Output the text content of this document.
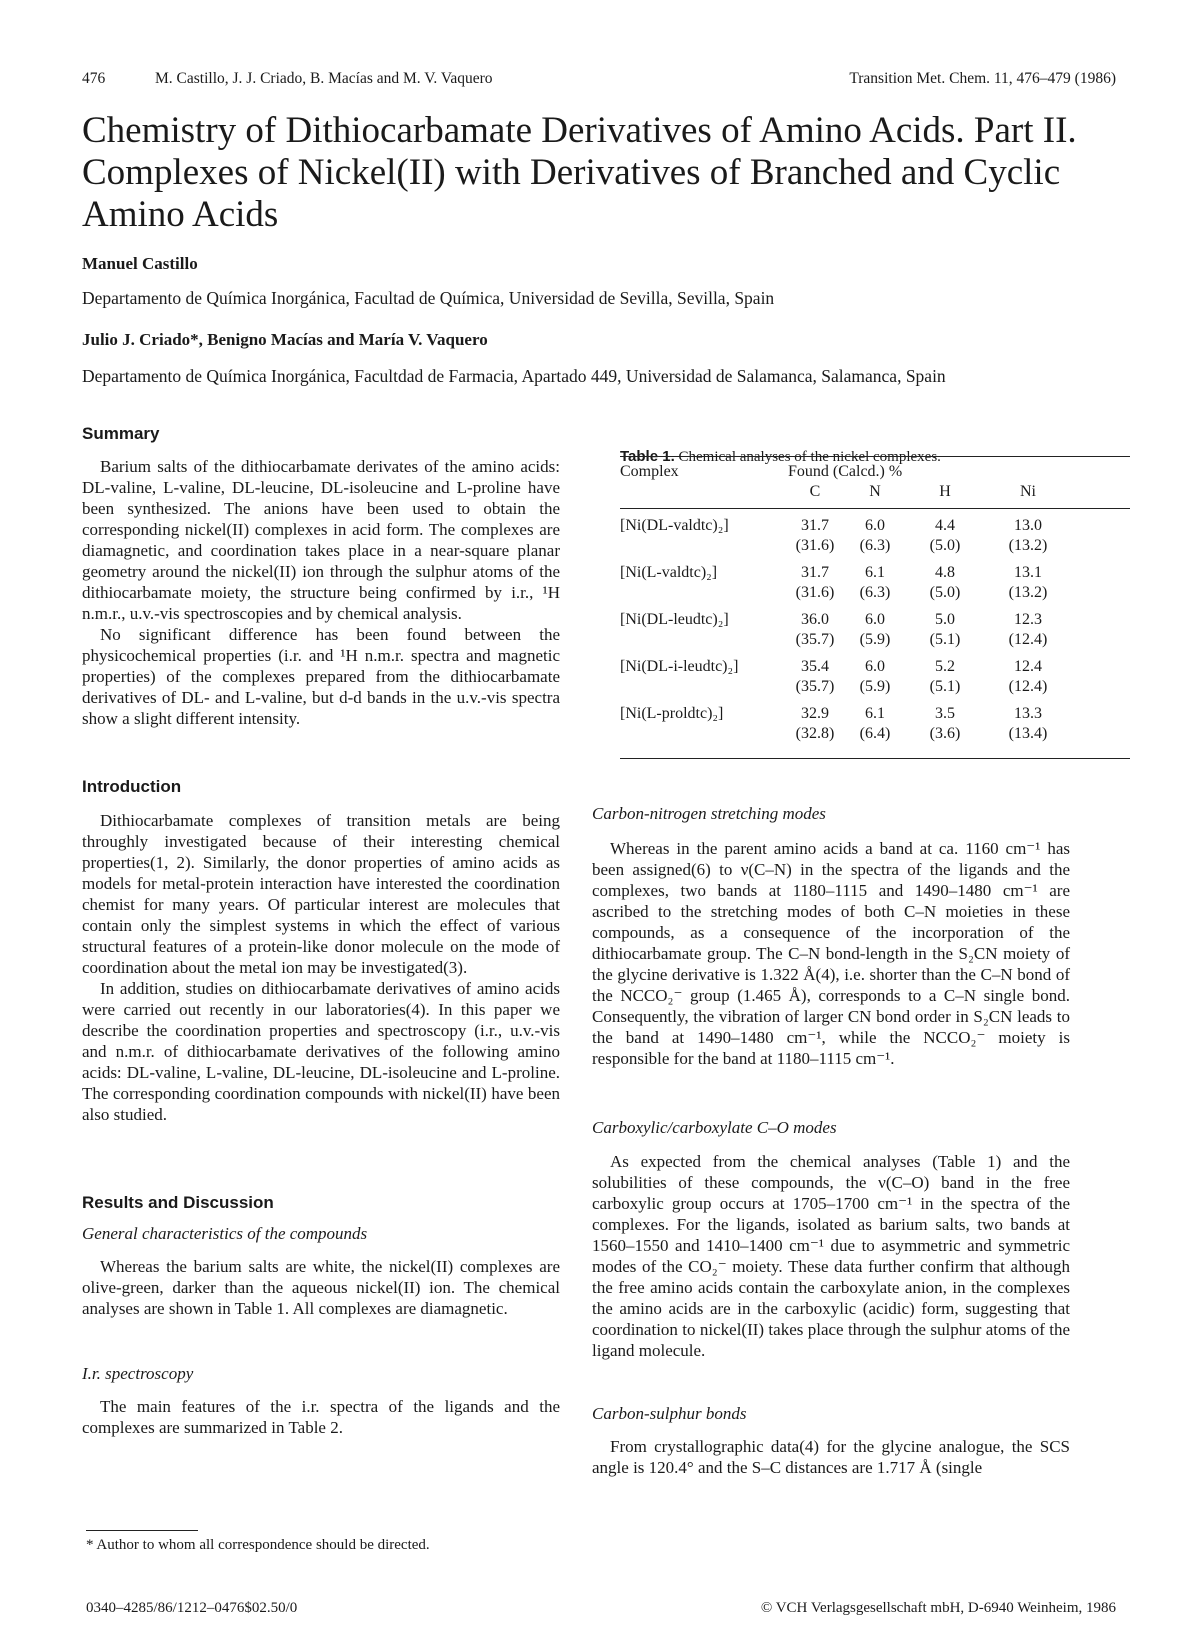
476	M. Castillo, J. J. Criado, B. Macías and M. V. Vaquero	Transition Met. Chem. 11, 476–479 (1986)
Chemistry of Dithiocarbamate Derivatives of Amino Acids. Part II. Complexes of Nickel(II) with Derivatives of Branched and Cyclic Amino Acids
Manuel Castillo
Departamento de Química Inorgánica, Facultad de Química, Universidad de Sevilla, Sevilla, Spain
Julio J. Criado*, Benigno Macías and María V. Vaquero
Departamento de Química Inorgánica, Facultdad de Farmacia, Apartado 449, Universidad de Salamanca, Salamanca, Spain
Summary

Barium salts of the dithiocarbamate derivates of the amino acids: DL-valine, L-valine, DL-leucine, DL-isoleucine and L-proline have been synthesized. The anions have been used to obtain the corresponding nickel(II) complexes in acid form. The complexes are diamagnetic, and coordination takes place in a near-square planar geometry around the nickel(II) ion through the sulphur atoms of the dithiocarbamate moiety, the structure being confirmed by i.r., ¹H n.m.r., u.v.-vis spectroscopies and by chemical analysis.

No significant difference has been found between the physicochemical properties (i.r. and ¹H n.m.r. spectra and magnetic properties) of the complexes prepared from the dithiocarbamate derivatives of DL- and L-valine, but d-d bands in the u.v.-vis spectra show a slight different intensity.

Introduction

Dithiocarbamate complexes of transition metals are being throughly investigated because of their interesting chemical properties(1, 2). Similarly, the donor properties of amino acids as models for metal-protein interaction have interested the coordination chemist for many years. Of particular interest are molecules that contain only the simplest systems in which the effect of various structural features of a protein-like donor molecule on the mode of coordination about the metal ion may be investigated(3).

In addition, studies on dithiocarbamate derivatives of amino acids were carried out recently in our laboratories(4). In this paper we describe the coordination properties and spectroscopy (i.r., u.v.-vis and n.m.r. of dithiocarbamate derivatives of the following amino acids: DL-valine, L-valine, DL-leucine, DL-isoleucine and L-proline. The corresponding coordination compounds with nickel(II) have been also studied.

Results and Discussion
General characteristics of the compounds

Whereas the barium salts are white, the nickel(II) complexes are olive-green, darker than the aqueous nickel(II) ion. The chemical analyses are shown in Table 1. All complexes are diamagnetic.

I.r. spectroscopy

The main features of the i.r. spectra of the ligands and the complexes are summarized in Table 2.

* Author to whom all correspondence should be directed.

Table 1. Chemical analyses of the nickel complexes.

Complex	Found (Calcd.) %
C	N	H	Ni
[Ni(DL-valdtc)₂]	31.7	6.0	4.4	13.0
(31.6) (6.3) (5.0)	(13.2)
[Ni(L-valdtc)₂]	31.7	6.1	4.8	13.1
(31.6) (6.3) (5.0)	(13.2)
[Ni(DL-leudtc)₂]	36.0	6.0	5.0	12.3
(35.7) (5.9) (5.1)	(12.4)
[Ni(DL-i-leudtc)₂]	35.4	6.0	5.2	12.4
(35.7) (5.9) (5.1)	(12.4)
[Ni(L-proldtc)₂]	32.9	6.1	3.5	13.3
(32.8) (6.4) (3.6)	(13.4)
Carbon-nitrogen stretching modes

Whereas in the parent amino acids a band at ca. 1160 cm⁻¹ has been assigned(6) to ν(C–N) in the spectra of the ligands and the complexes, two bands at 1180–1115 and 1490–1480 cm⁻¹ are ascribed to the stretching modes of both C–N moieties in these compounds, as a consequence of the incorporation of the dithiocarbamate group. The C–N bond-length in the S₂CN moiety of the glycine derivative is 1.322 Å(4), i.e. shorter than the C–N bond of the NCCO₂⁻ group (1.465 Å), corresponds to a C–N single bond. Consequently, the vibration of larger CN bond order in S₂CN leads to the band at 1490–1480 cm⁻¹, while the NCCO₂⁻ moiety is responsible for the band at 1180–1115 cm⁻¹.

Carboxylic/carboxylate C–O modes

As expected from the chemical analyses (Table 1) and the solubilities of these compounds, the ν(C–O) band in the free carboxylic group occurs at 1705–1700 cm⁻¹ in the spectra of the complexes. For the ligands, isolated as barium salts, two bands at 1560–1550 and 1410–1400 cm⁻¹ due to asymmetric and symmetric modes of the CO₂⁻ moiety. These data further confirm that although the free amino acids contain the carboxylate anion, in the complexes the amino acids are in the carboxylic (acidic) form, suggesting that coordination to nickel(II) takes place through the sulphur atoms of the ligand molecule.

Carbon-sulphur bonds

From crystallographic data(4) for the glycine analogue, the SCS angle is 120.4° and the S–C distances are 1.717 Å (single

0340–4285/86/1212–0476$02.50/0	© VCH Verlagsgesellschaft mbH, D-6940 Weinheim, 1986
